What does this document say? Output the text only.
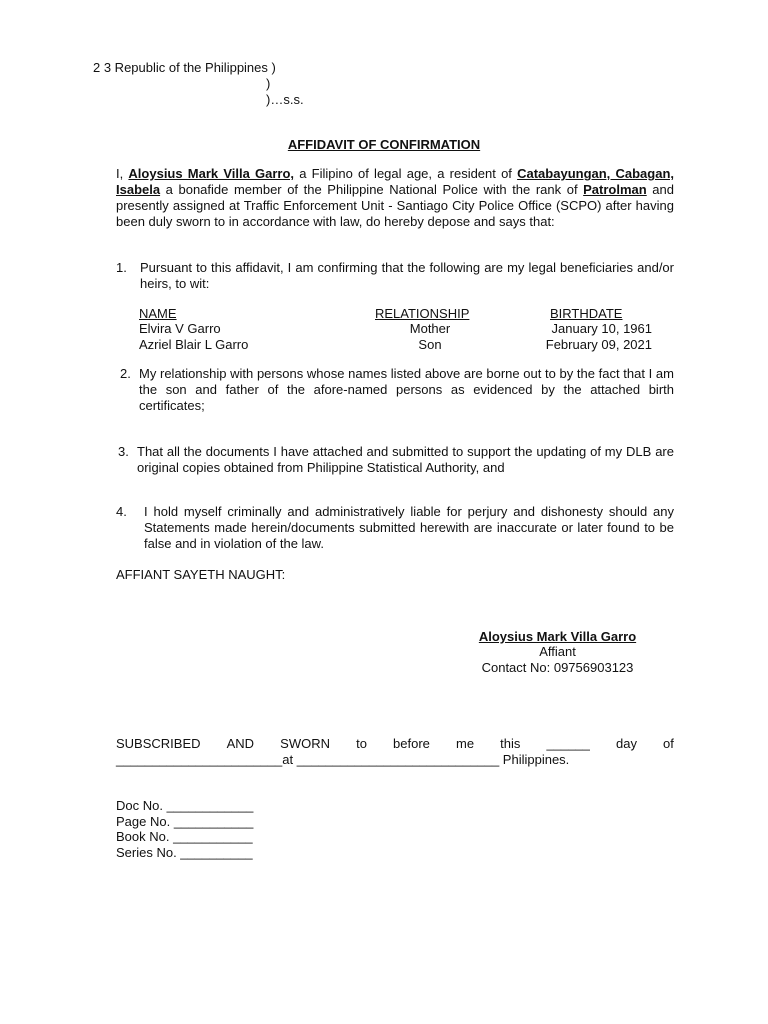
2 3 Republic of the Philippines )
)
)…s.s.
AFFIDAVIT OF CONFIRMATION
I, Aloysius Mark Villa Garro, a Filipino of legal age, a resident of Catabayungan, Cabagan, Isabela a bonafide member of the Philippine National Police with the rank of Patrolman and presently assigned at Traffic Enforcement Unit - Santiago City Police Office (SCPO) after having been duly sworn to in accordance with law, do hereby depose and says that:
1.	Pursuant to this affidavit, I am confirming that the following are my legal beneficiaries and/or heirs, to wit:
NAME	RELATIONSHIP	BIRTHDATE
Elvira V Garro	Mother	January 10, 1961
Azriel Blair L Garro	Son	February 09, 2021
2. My relationship with persons whose names listed above are borne out to by the fact that I am the son and father of the afore-named persons as evidenced by the attached birth certificates;
3. That all the documents I have attached and submitted to support the updating of my DLB are original copies obtained from Philippine Statistical Authority, and
4.	I hold myself criminally and administratively liable for perjury and dishonesty should any Statements made herein/documents submitted herewith are inaccurate or later found to be false and in violation of the law.
AFFIANT SAYETH NAUGHT:
Aloysius Mark Villa Garro
Affiant
Contact No: 09756903123
SUBSCRIBED AND SWORN to before me this ______ day of
_______________________at ____________________________ Philippines.
Doc No. ____________
Page No. ___________
Book No. ___________
Series No. __________
